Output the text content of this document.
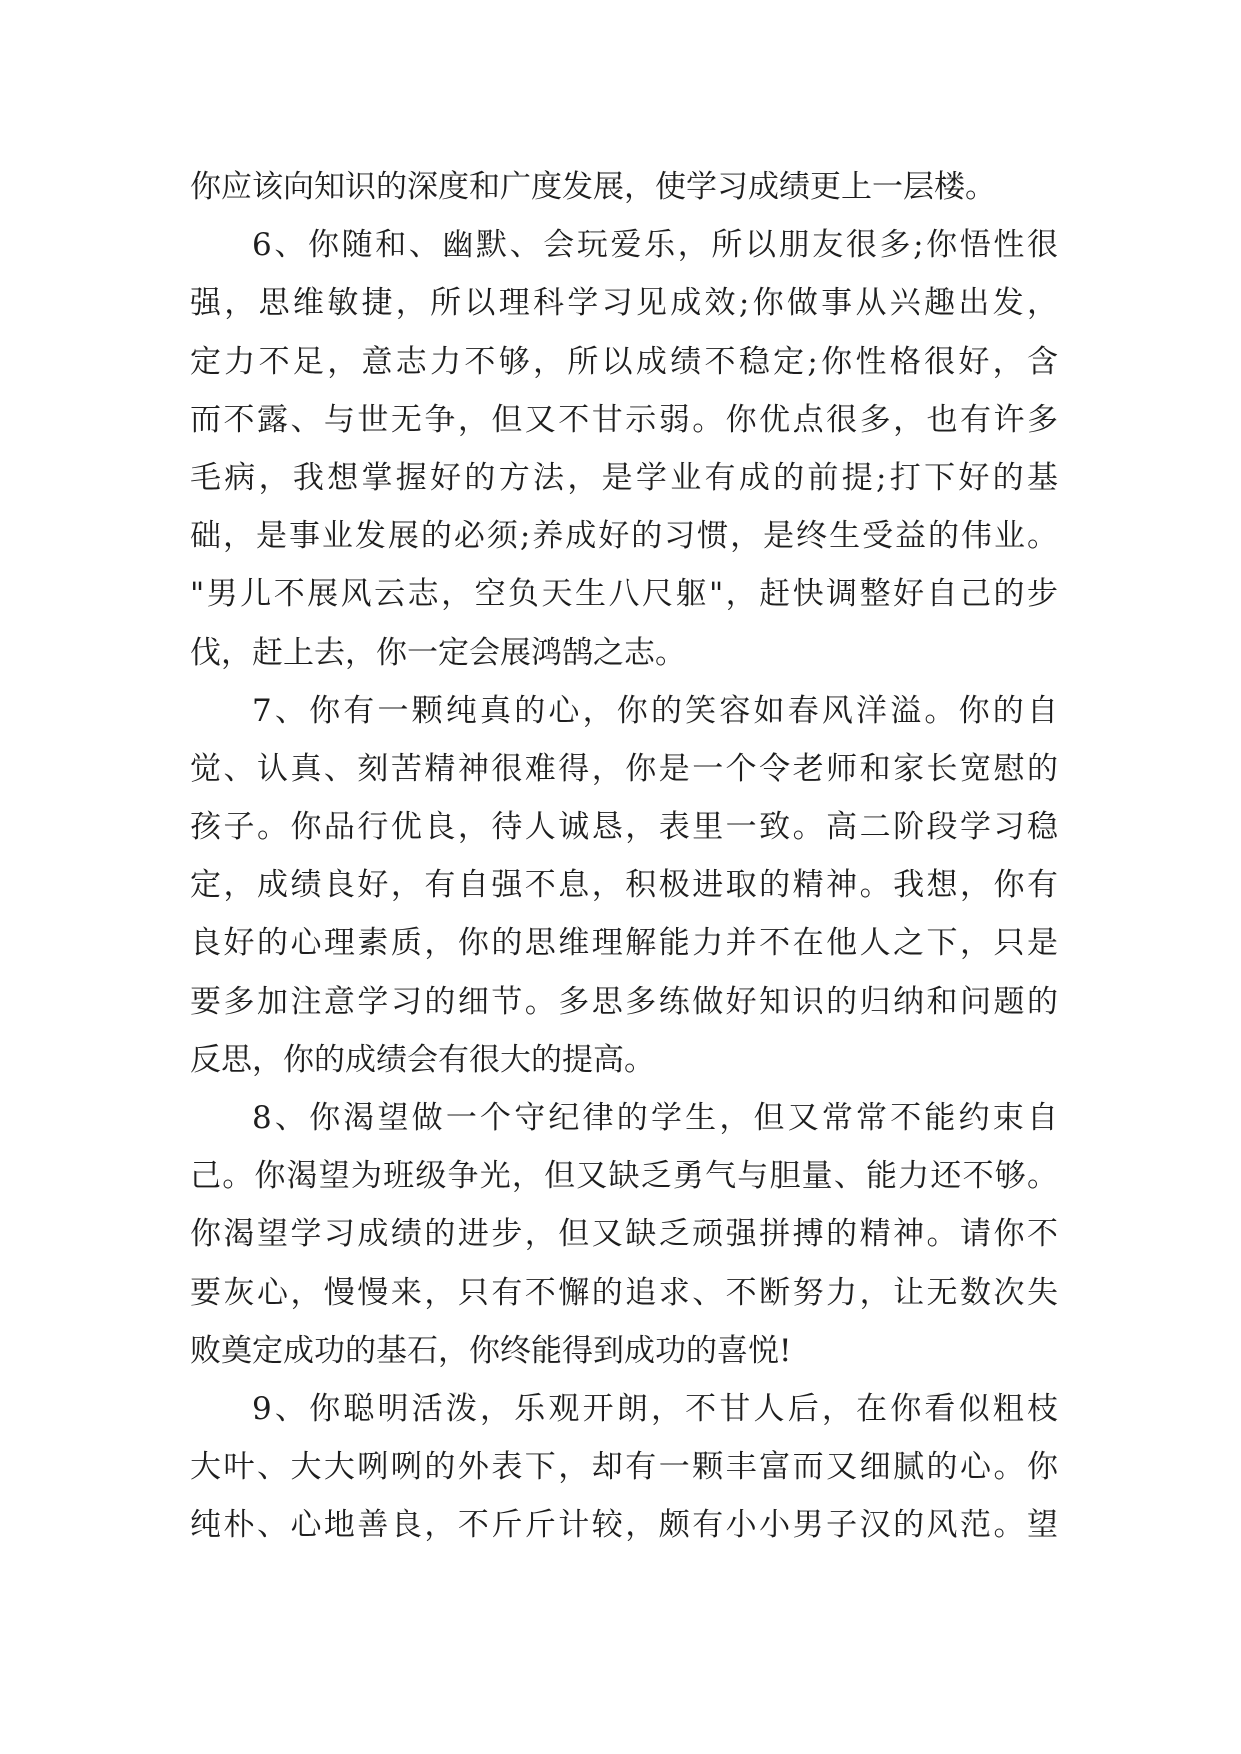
你应该向知识的深度和广度发展，使学习成绩更上一层楼。
6、你随和、幽默、会玩爱乐，所以朋友很多;你悟性很
强，思维敏捷，所以理科学习见成效;你做事从兴趣出发，
定力不足，意志力不够，所以成绩不稳定;你性格很好，含
而不露、与世无争，但又不甘示弱。你优点很多，也有许多
毛病，我想掌握好的方法，是学业有成的前提;打下好的基
础，是事业发展的必须;养成好的习惯，是终生受益的伟业。
"男儿不展风云志，空负天生八尺躯"，赶快调整好自己的步
伐，赶上去，你一定会展鸿鹄之志。
7、你有一颗纯真的心，你的笑容如春风洋溢。你的自
觉、认真、刻苦精神很难得，你是一个令老师和家长宽慰的
孩子。你品行优良，待人诚恳，表里一致。高二阶段学习稳
定，成绩良好，有自强不息，积极进取的精神。我想，你有
良好的心理素质，你的思维理解能力并不在他人之下，只是
要多加注意学习的细节。多思多练做好知识的归纳和问题的
反思，你的成绩会有很大的提高。
8、你渴望做一个守纪律的学生，但又常常不能约束自
己。你渴望为班级争光，但又缺乏勇气与胆量、能力还不够。
你渴望学习成绩的进步，但又缺乏顽强拼搏的精神。请你不
要灰心，慢慢来，只有不懈的追求、不断努力，让无数次失
败奠定成功的基石，你终能得到成功的喜悦!
9、你聪明活泼，乐观开朗，不甘人后，在你看似粗枝
大叶、大大咧咧的外表下，却有一颗丰富而又细腻的心。你
纯朴、心地善良，不斤斤计较，颇有小小男子汉的风范。望
